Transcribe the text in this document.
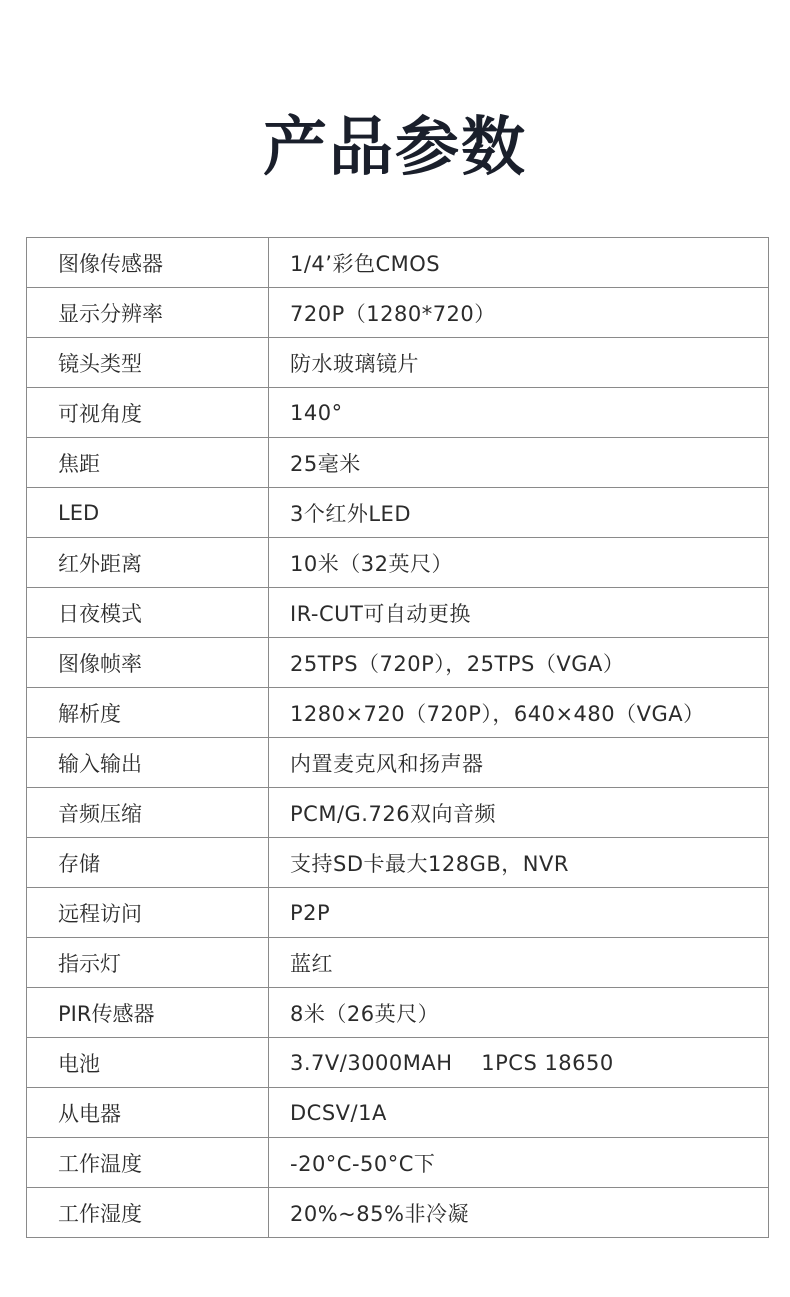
产品参数
图像传感器	1/4’彩色CMOS
显示分辨率	720P（1280*720）
镜头类型	防水玻璃镜片
可视角度	140°
焦距	25毫米
LED	3个红外LED
红外距离	10米（32英尺）
日夜模式	IR-CUT可自动更换
图像帧率	25TPS（720P），25TPS（VGA）
解析度	1280×720（720P），640×480（VGA）
输入输出	内置麦克风和扬声器
音频压缩	PCM/G.726双向音频
存储	支持SD卡最大128GB，NVR
远程访问	P2P
指示灯	蓝红
PIR传感器	8米（26英尺）
电池	3.7V/3000MAH    1PCS 18650
从电器	DCSV/1A
工作温度	-20°C-50°C下
工作湿度	20%~85%非冷凝
